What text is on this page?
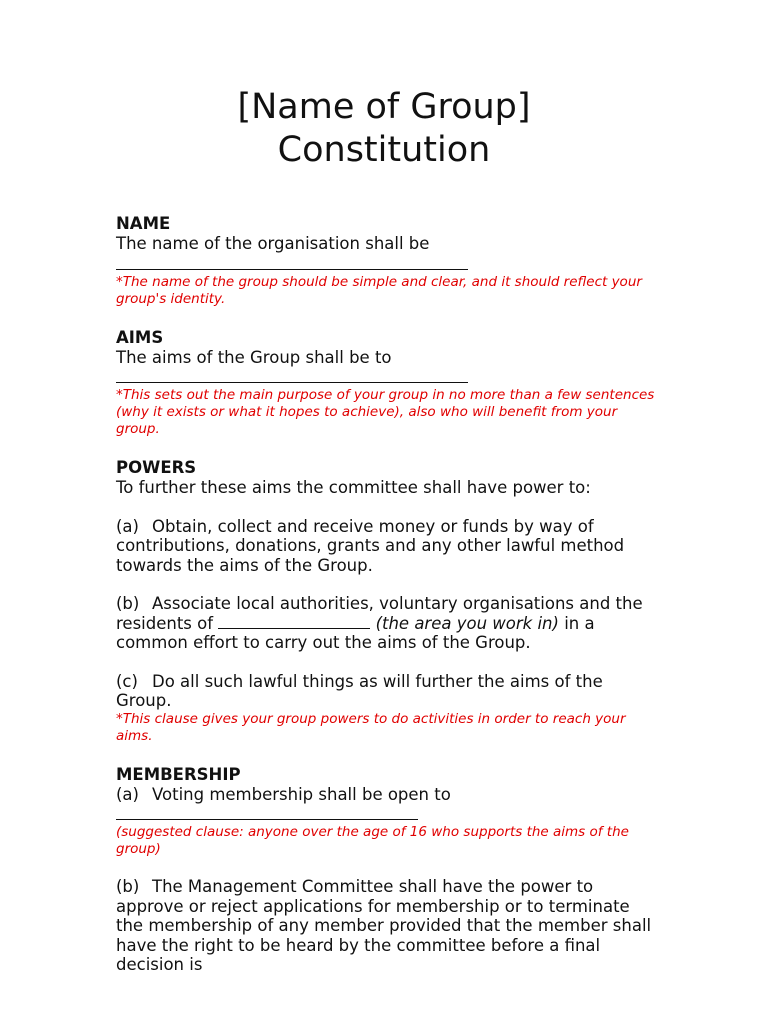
[Name of Group]
Constitution

NAME

The name of the organisation shall be

*The name of the group should be simple and clear, and it should reflect your group's identity.

AIMS

The aims of the Group shall be to

*This sets out the main purpose of your group in no more than a few sentences (why it exists or what it hopes to achieve), also who will benefit from your group.

POWERS

To further these aims the committee shall have power to:

(a) Obtain, collect and receive money or funds by way of contributions, donations, grants and any other lawful method towards the aims of the Group.

(b) Associate local authorities, voluntary organisations and the residents of	(the area you work in) in a common effort to carry out the aims of the Group.

(c) Do all such lawful things as will further the aims of the Group.

*This clause gives your group powers to do activities in order to reach your aims.

MEMBERSHIP

(a) Voting membership shall be open to

(suggested clause: anyone over the age of 16 who supports the aims of the group)

(b) The Management Committee shall have the power to approve or reject applications for membership or to terminate the membership of any member provided that the member shall have the right to be heard by the committee before a final decision is
